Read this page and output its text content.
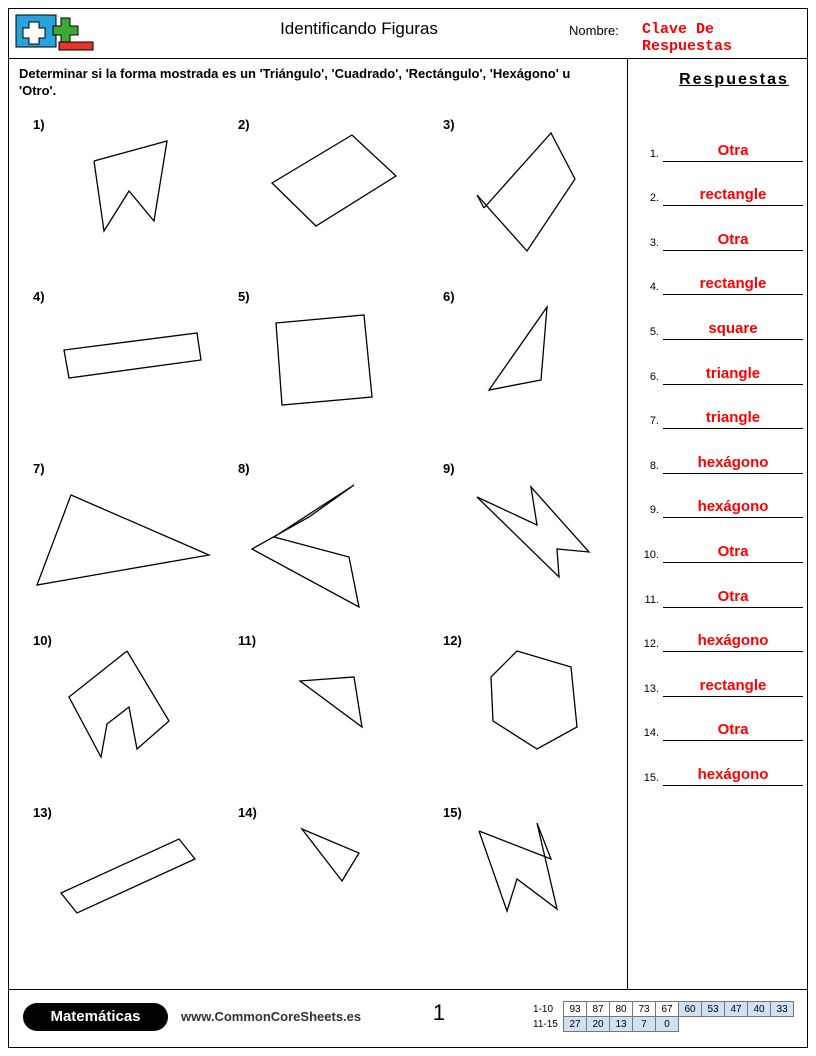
Identificando Figuras	Nombre: Clave De Respuestas
Determinar si la forma mostrada es un 'Triángulo', 'Cuadrado', 'Rectángulo', 'Hexágono' u 'Otro'.
Respuestas
1.	Otra
2.	rectangle
3.	Otra
4.	rectangle
5.	square
6.	triangle
7.	triangle
8.	hexágono
9.	hexágono
10.	Otra
11.	Otra
12.	hexágono
13.	rectangle
14.	Otra
15.	hexágono
1)	2)	3)
4)	5)	6)
7)	8)	9)
10)	11)	12)
13)	14)	15)
Matemáticas	www.CommonCoreSheets.es	1	1-10	93	87	80	73	67	60	53	47	40	33
11-15	27	20	13	7	0					
